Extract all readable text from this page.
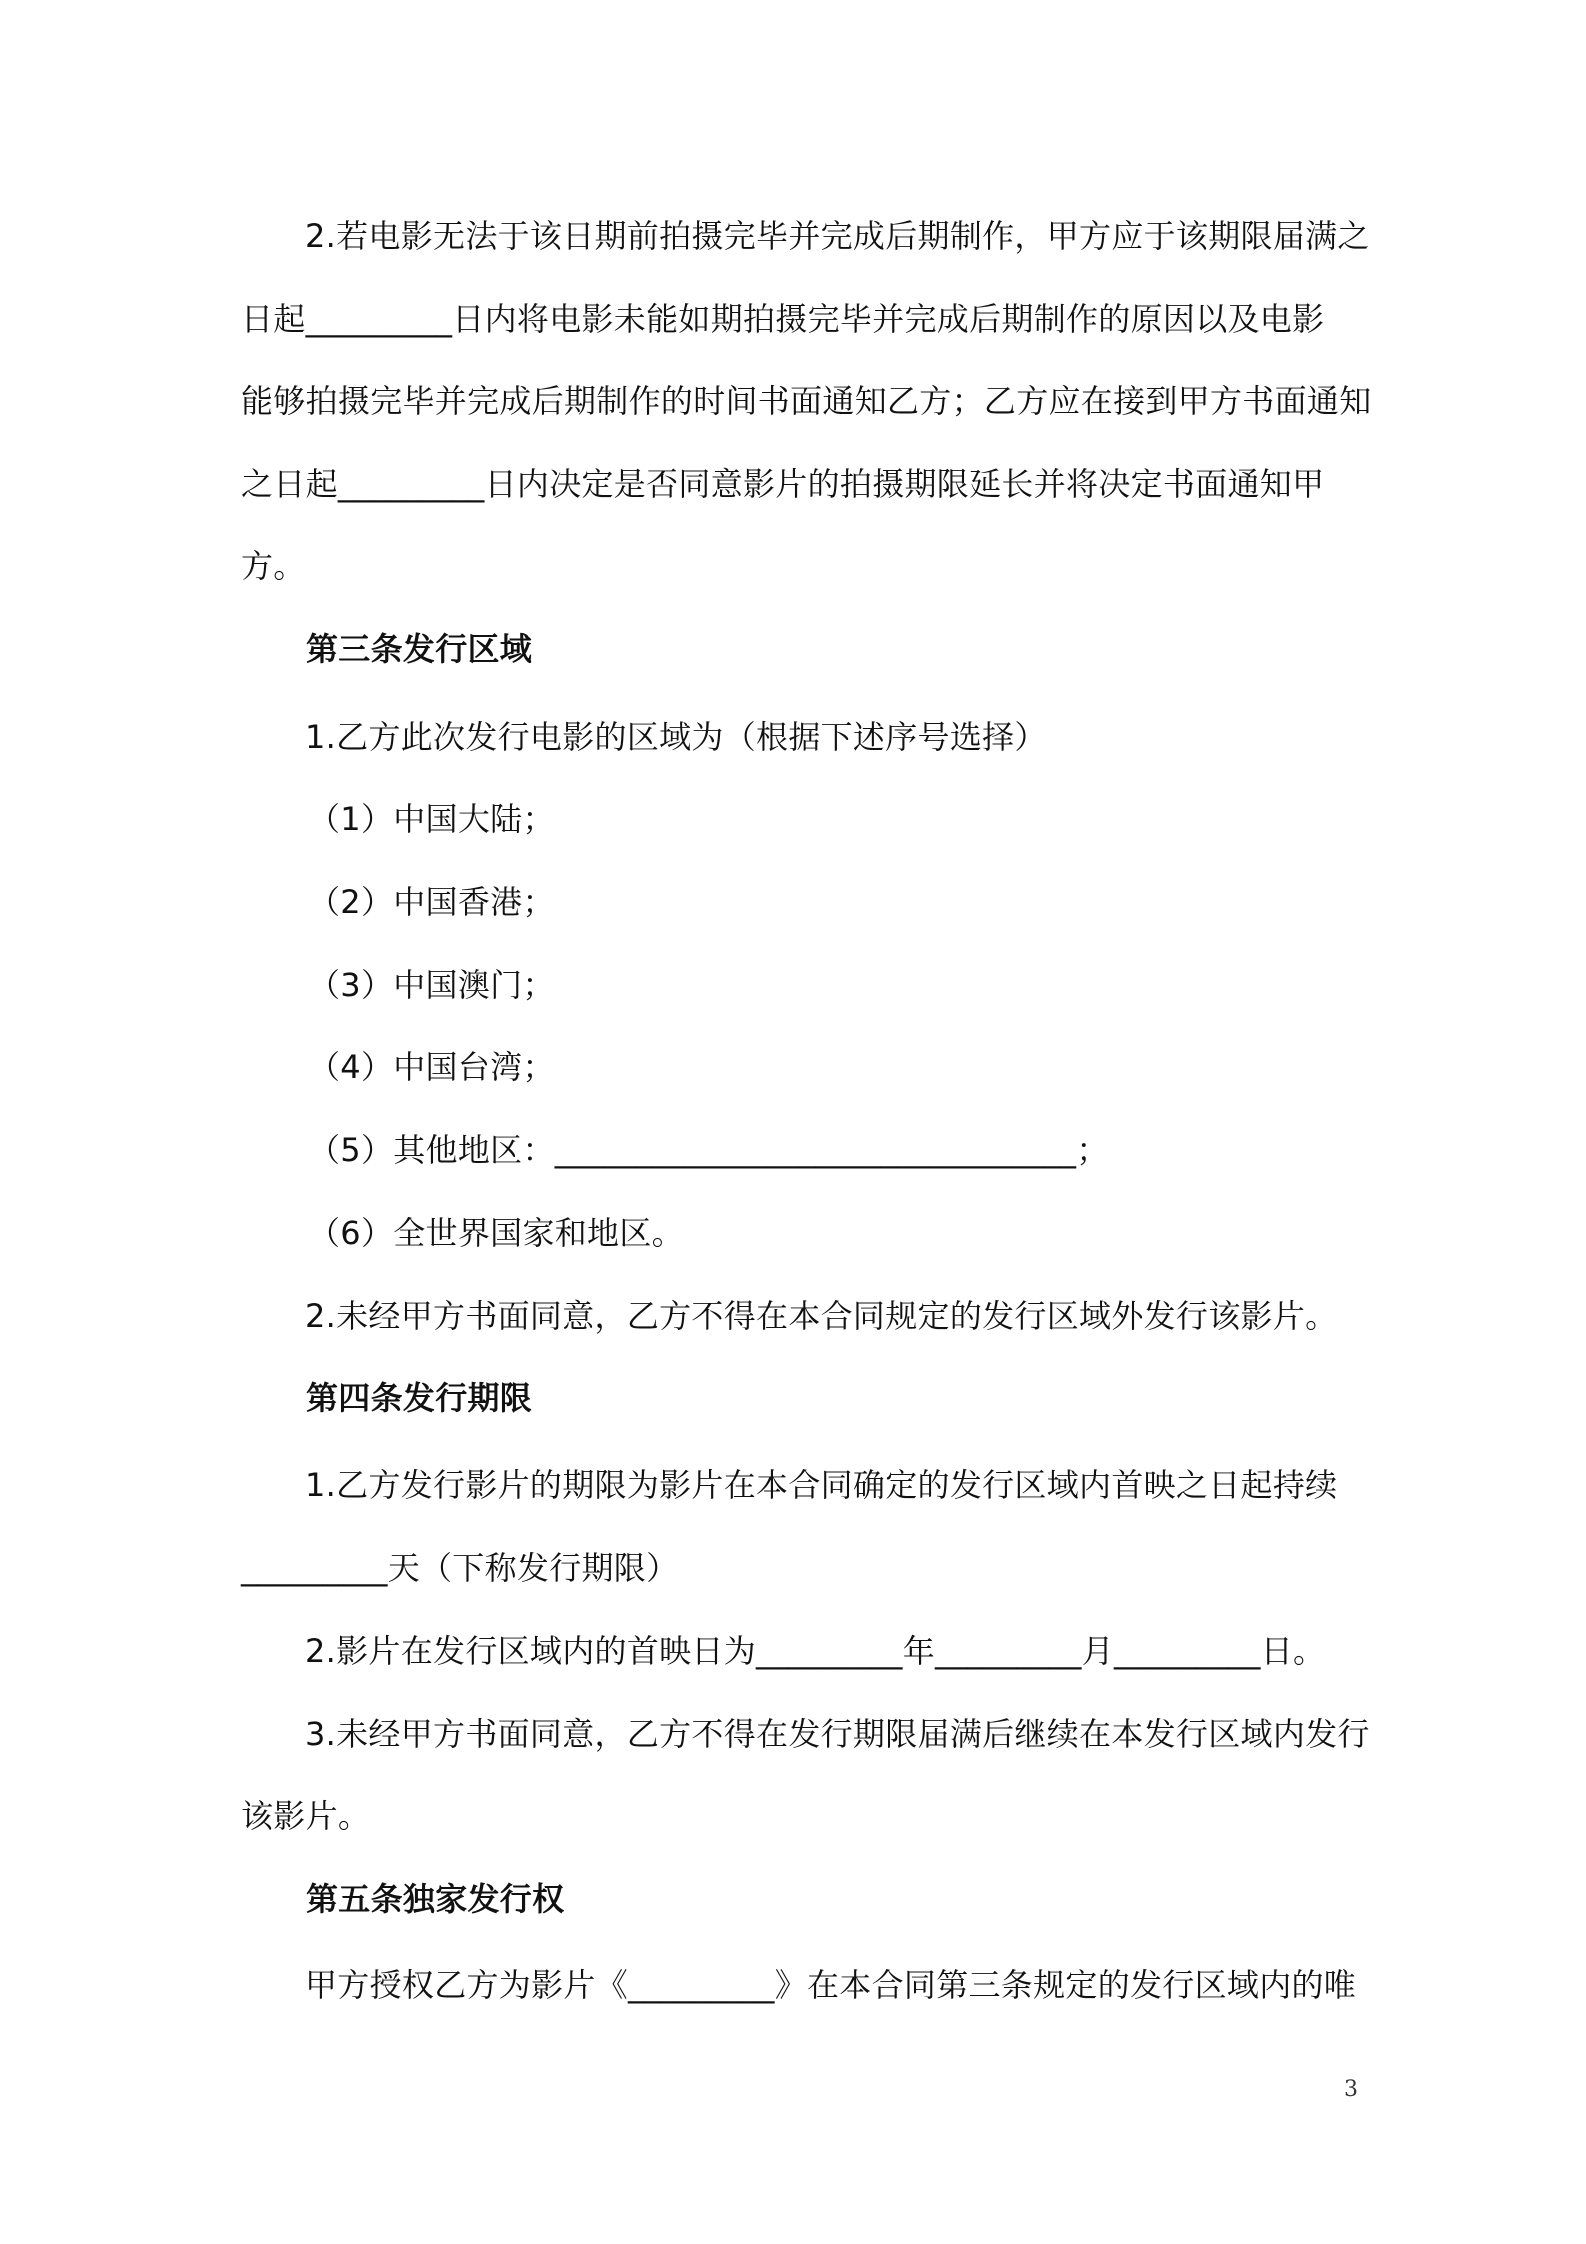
2.若电影无法于该日期前拍摄完毕并完成后期制作，甲方应于该期限届满之
日起_________日内将电影未能如期拍摄完毕并完成后期制作的原因以及电影
能够拍摄完毕并完成后期制作的时间书面通知乙方；乙方应在接到甲方书面通知
之日起_________日内决定是否同意影片的拍摄期限延长并将决定书面通知甲
方。
第三条发行区域
1.乙方此次发行电影的区域为（根据下述序号选择）
（1）中国大陆；
（2）中国香港；
（3）中国澳门；
（4）中国台湾；
（5）其他地区：________________________________；
（6）全世界国家和地区。
2.未经甲方书面同意，乙方不得在本合同规定的发行区域外发行该影片。
第四条发行期限
1.乙方发行影片的期限为影片在本合同确定的发行区域内首映之日起持续
_________天（下称发行期限）
2.影片在发行区域内的首映日为_________年_________月_________日。
3.未经甲方书面同意，乙方不得在发行期限届满后继续在本发行区域内发行
该影片。
第五条独家发行权
甲方授权乙方为影片《_________》在本合同第三条规定的发行区域内的唯
3
